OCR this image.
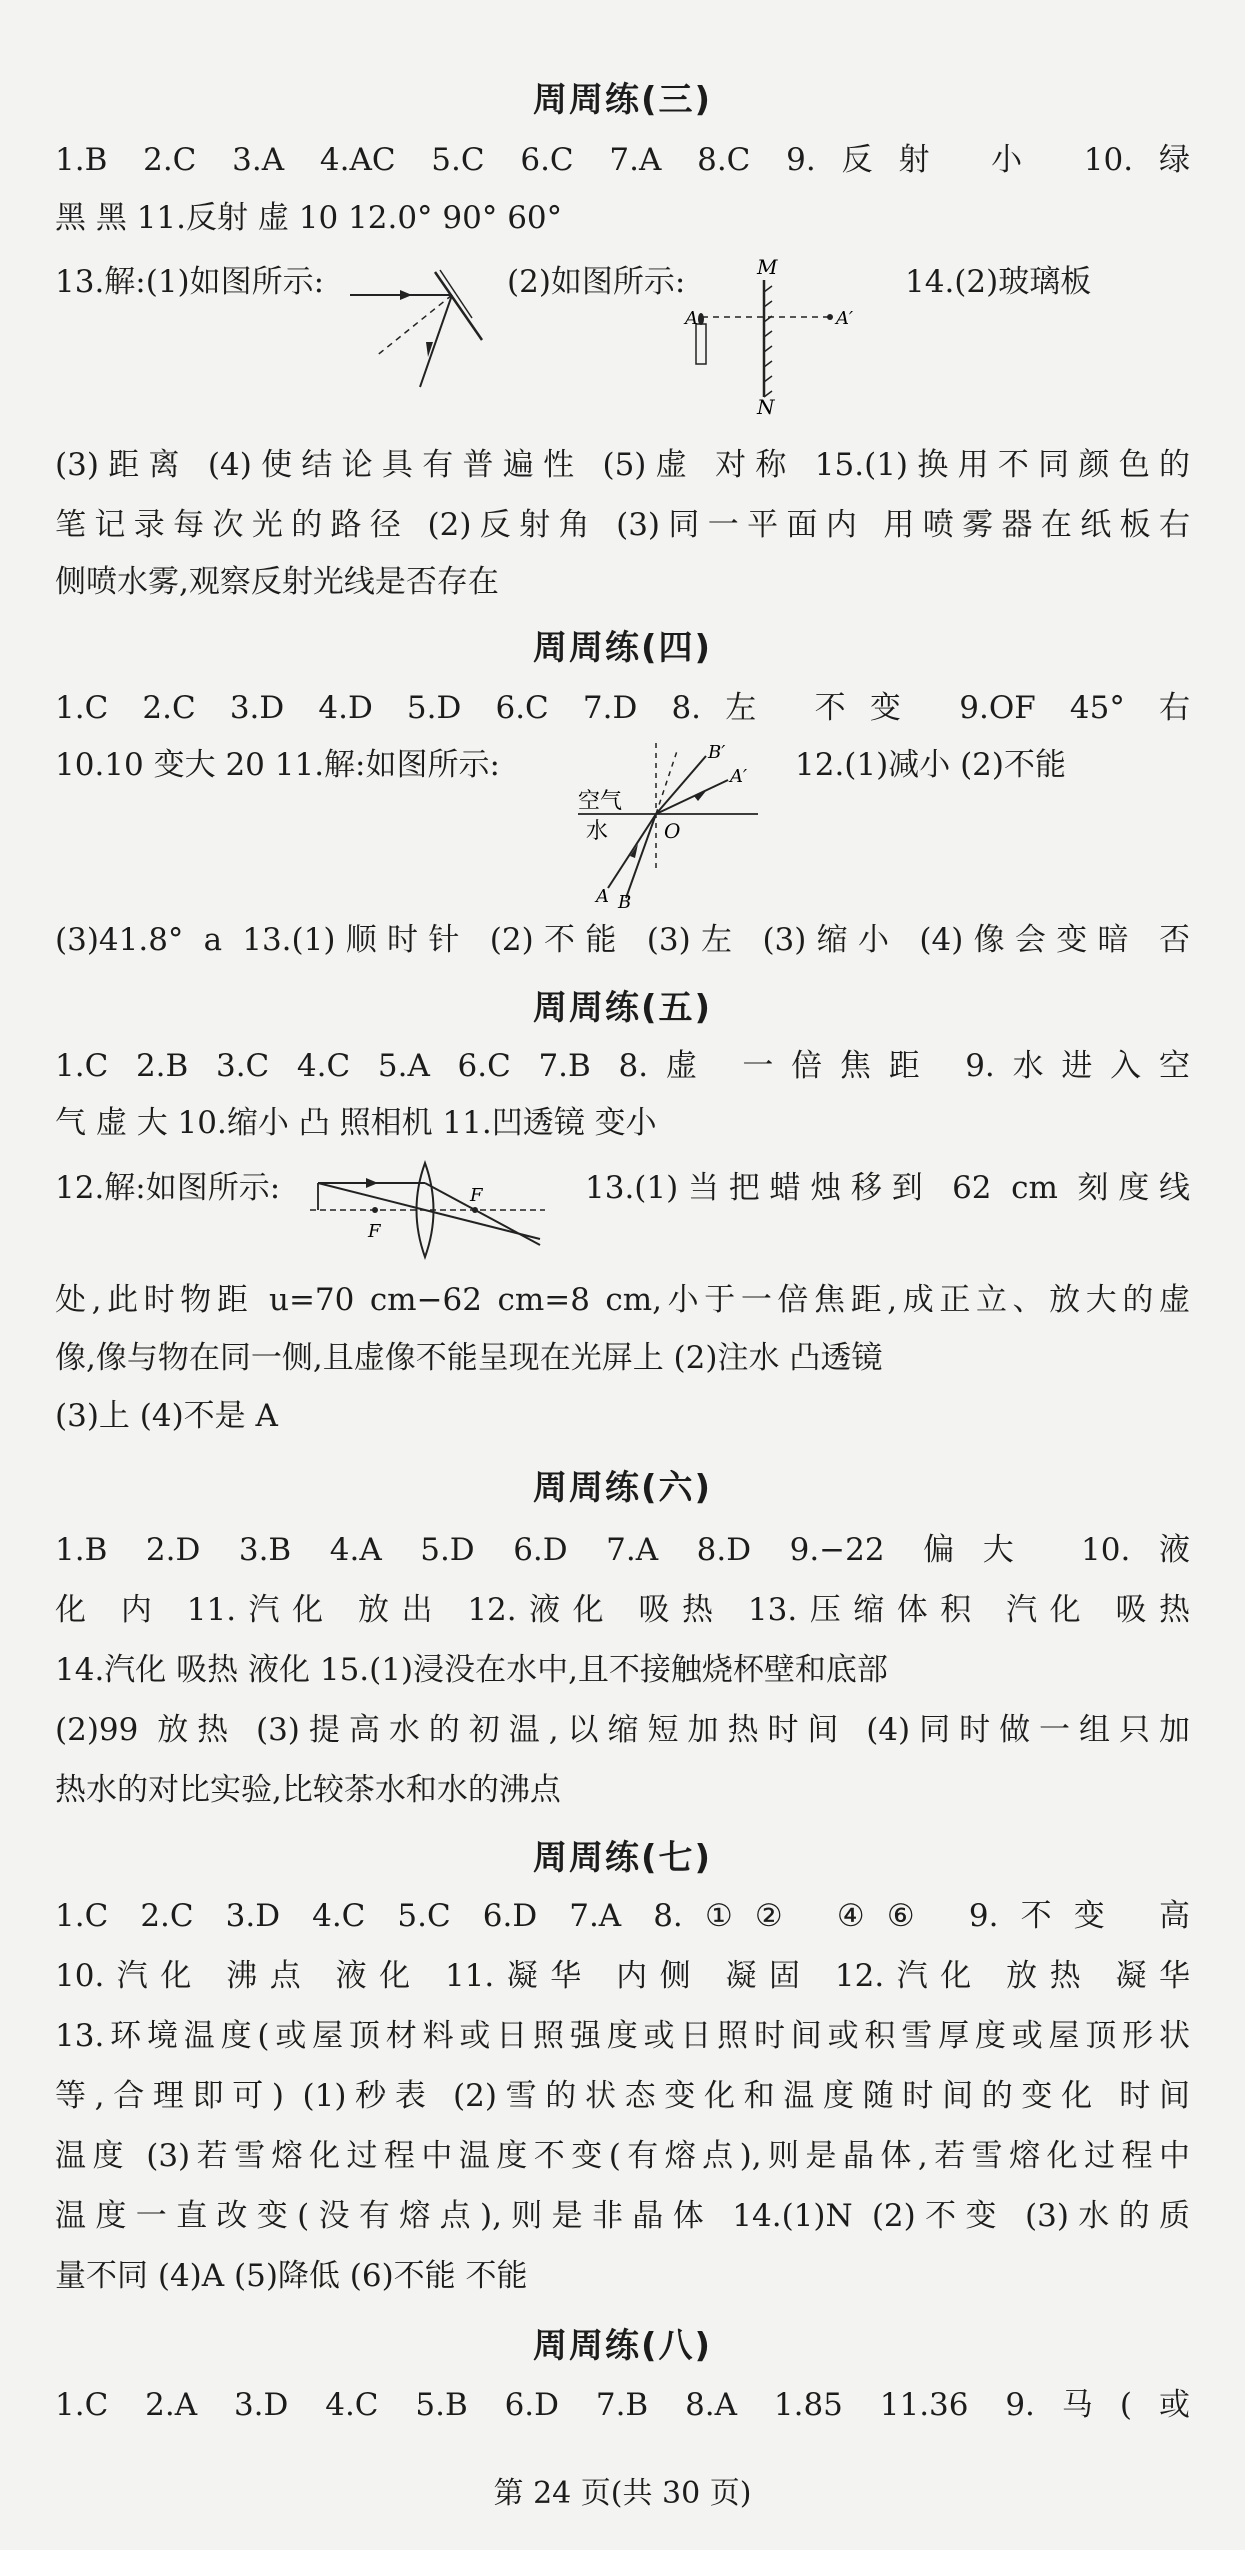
周周练(三)
1.B 2.C 3.A 4.AC 5.C 6.C 7.A 8.C 9.反射 小 10.绿
黑 黑 11.反射 虚 10 12.0° 90° 60°
13.解:(1)如图所示:	(2)如图所示:	M
N
A	A′
14.(2)玻璃板
(3)距离 (4)使结论具有普遍性 (5)虚 对称 15.(1)换用不同颜色的
笔记录每次光的路径 (2)反射角 (3)同一平面内 用喷雾器在纸板右
侧喷水雾,观察反射光线是否存在
周周练(四)
1.C 2.C 3.D 4.D 5.D 6.C 7.D 8.左 不变 9.OF 45° 右
10.10 变大 20 11.解:如图所示:
空气
水	O
A B
A′
B′ 12.(1)减小 (2)不能
(3)41.8° a 13.(1)顺时针 (2)不能 (3)左 (3)缩小 (4)像会变暗 否
周周练(五)
1.C 2.B 3.C 4.C 5.A 6.C 7.B 8.虚 一倍焦距 9.水进入空
气 虚 大 10.缩小 凸 照相机 11.凹透镜 变小
12.解:如图所示:
F
F	13.(1)当把蜡烛移到 62 cm 刻度线
处,此时物距 u=70 cm−62 cm=8 cm,小于一倍焦距,成正立、放大的虚
像,像与物在同一侧,且虚像不能呈现在光屏上 (2)注水 凸透镜
(3)上 (4)不是 A
周周练(六)
1.B 2.D 3.B 4.A 5.D 6.D 7.A 8.D 9.−22 偏大 10.液
化 内 11.汽化 放出 12.液化 吸热 13.压缩体积 汽化 吸热
14.汽化 吸热 液化 15.(1)浸没在水中,且不接触烧杯壁和底部
(2)99 放热 (3)提高水的初温,以缩短加热时间 (4)同时做一组只加
热水的对比实验,比较茶水和水的沸点
周周练(七)
1.C 2.C 3.D 4.C 5.C 6.D 7.A 8.①② ④⑥ 9.不变 高
10.汽化 沸点 液化 11.凝华 内侧 凝固 12.汽化 放热 凝华
13.环境温度(或屋顶材料或日照强度或日照时间或积雪厚度或屋顶形状
等,合理即可) (1)秒表 (2)雪的状态变化和温度随时间的变化 时间
温度 (3)若雪熔化过程中温度不变(有熔点),则是晶体,若雪熔化过程中
温度一直改变(没有熔点),则是非晶体 14.(1)N (2)不变 (3)水的质
量不同 (4)A (5)降低 (6)不能 不能
周周练(八)
1.C 2.A 3.D 4.C 5.B 6.D 7.B 8.A 1.85 11.36 9.马(或
第 24 页(共 30 页)
